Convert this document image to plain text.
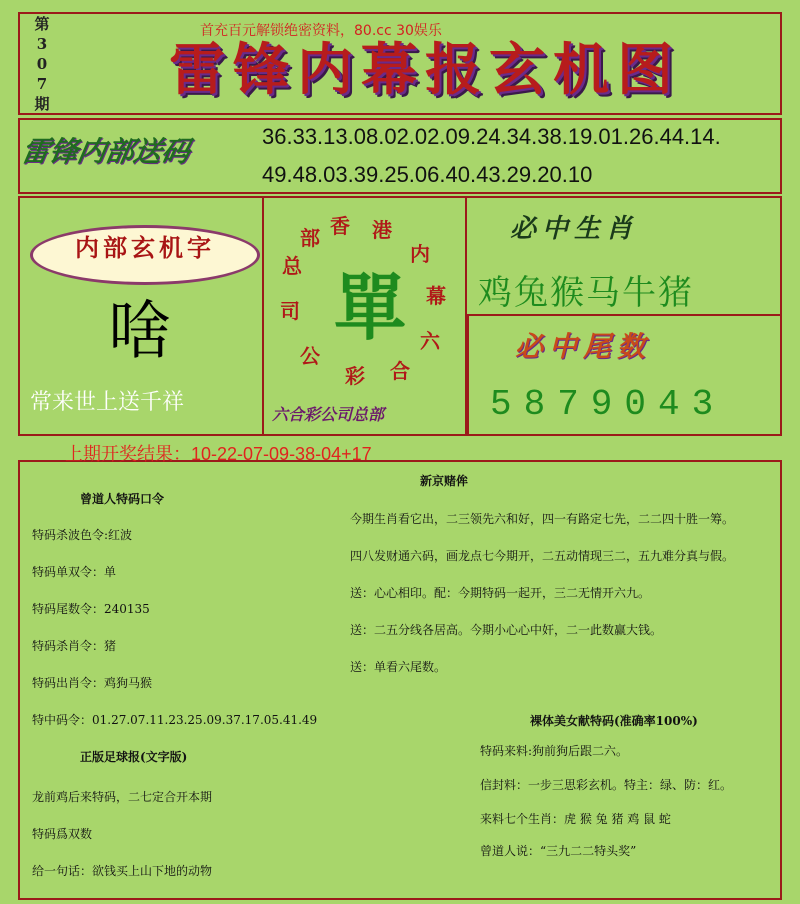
首充百元解锁绝密资料，80.cc 30娱乐
第
3
0
7
期
雷锋内幕报玄机图
雷锋内部送码	36.33.13.08.02.02.09.24.34.38.19.01.26.44.14.
49.48.03.39.25.06.40.43.29.20.10
内部玄机字
啥
常来世上送千祥
香 港
内
幕
六
合
彩
公
司
总
部
單
六合彩公司总部
必中生肖
鸡兔猴马牛猪
必中尾数
5879043
上期开奖结果：10-22-07-09-38-04+17
曾道人特码口令
特码杀波色令:红波
特码单双令：单
特码尾数令：240135
特码杀肖令：猪
特码出肖令：鸡狗马猴
特中码令：01.27.07.11.23.25.09.37.17.05.41.49
正版足球报(文字版)
龙前鸡后来特码，二七定合开本期
特码爲双数
给一句话：欲钱买上山下地的动物
新京赌侔
今期生肖看它出，二三领先六和好，四一有路定七先，二二四十胜一筹。
四八发财通六码，画龙点七今期开，二五动情现三二，五九难分真与假。
送：心心相印。配：今期特码一起开，三二无情开六九。
送：二五分线各居高。今期小心心中奸，二一此数赢大钱。
送：单看六尾数。
裸体美女献特码(准确率100%)
特码来料:狗前狗后跟二六。
信封料：一步三思彩玄机。特主：绿、防：红。
来料七个生肖：虎 猴 兔 猪 鸡 鼠 蛇
曾道人说：“三九二二特头奖”
